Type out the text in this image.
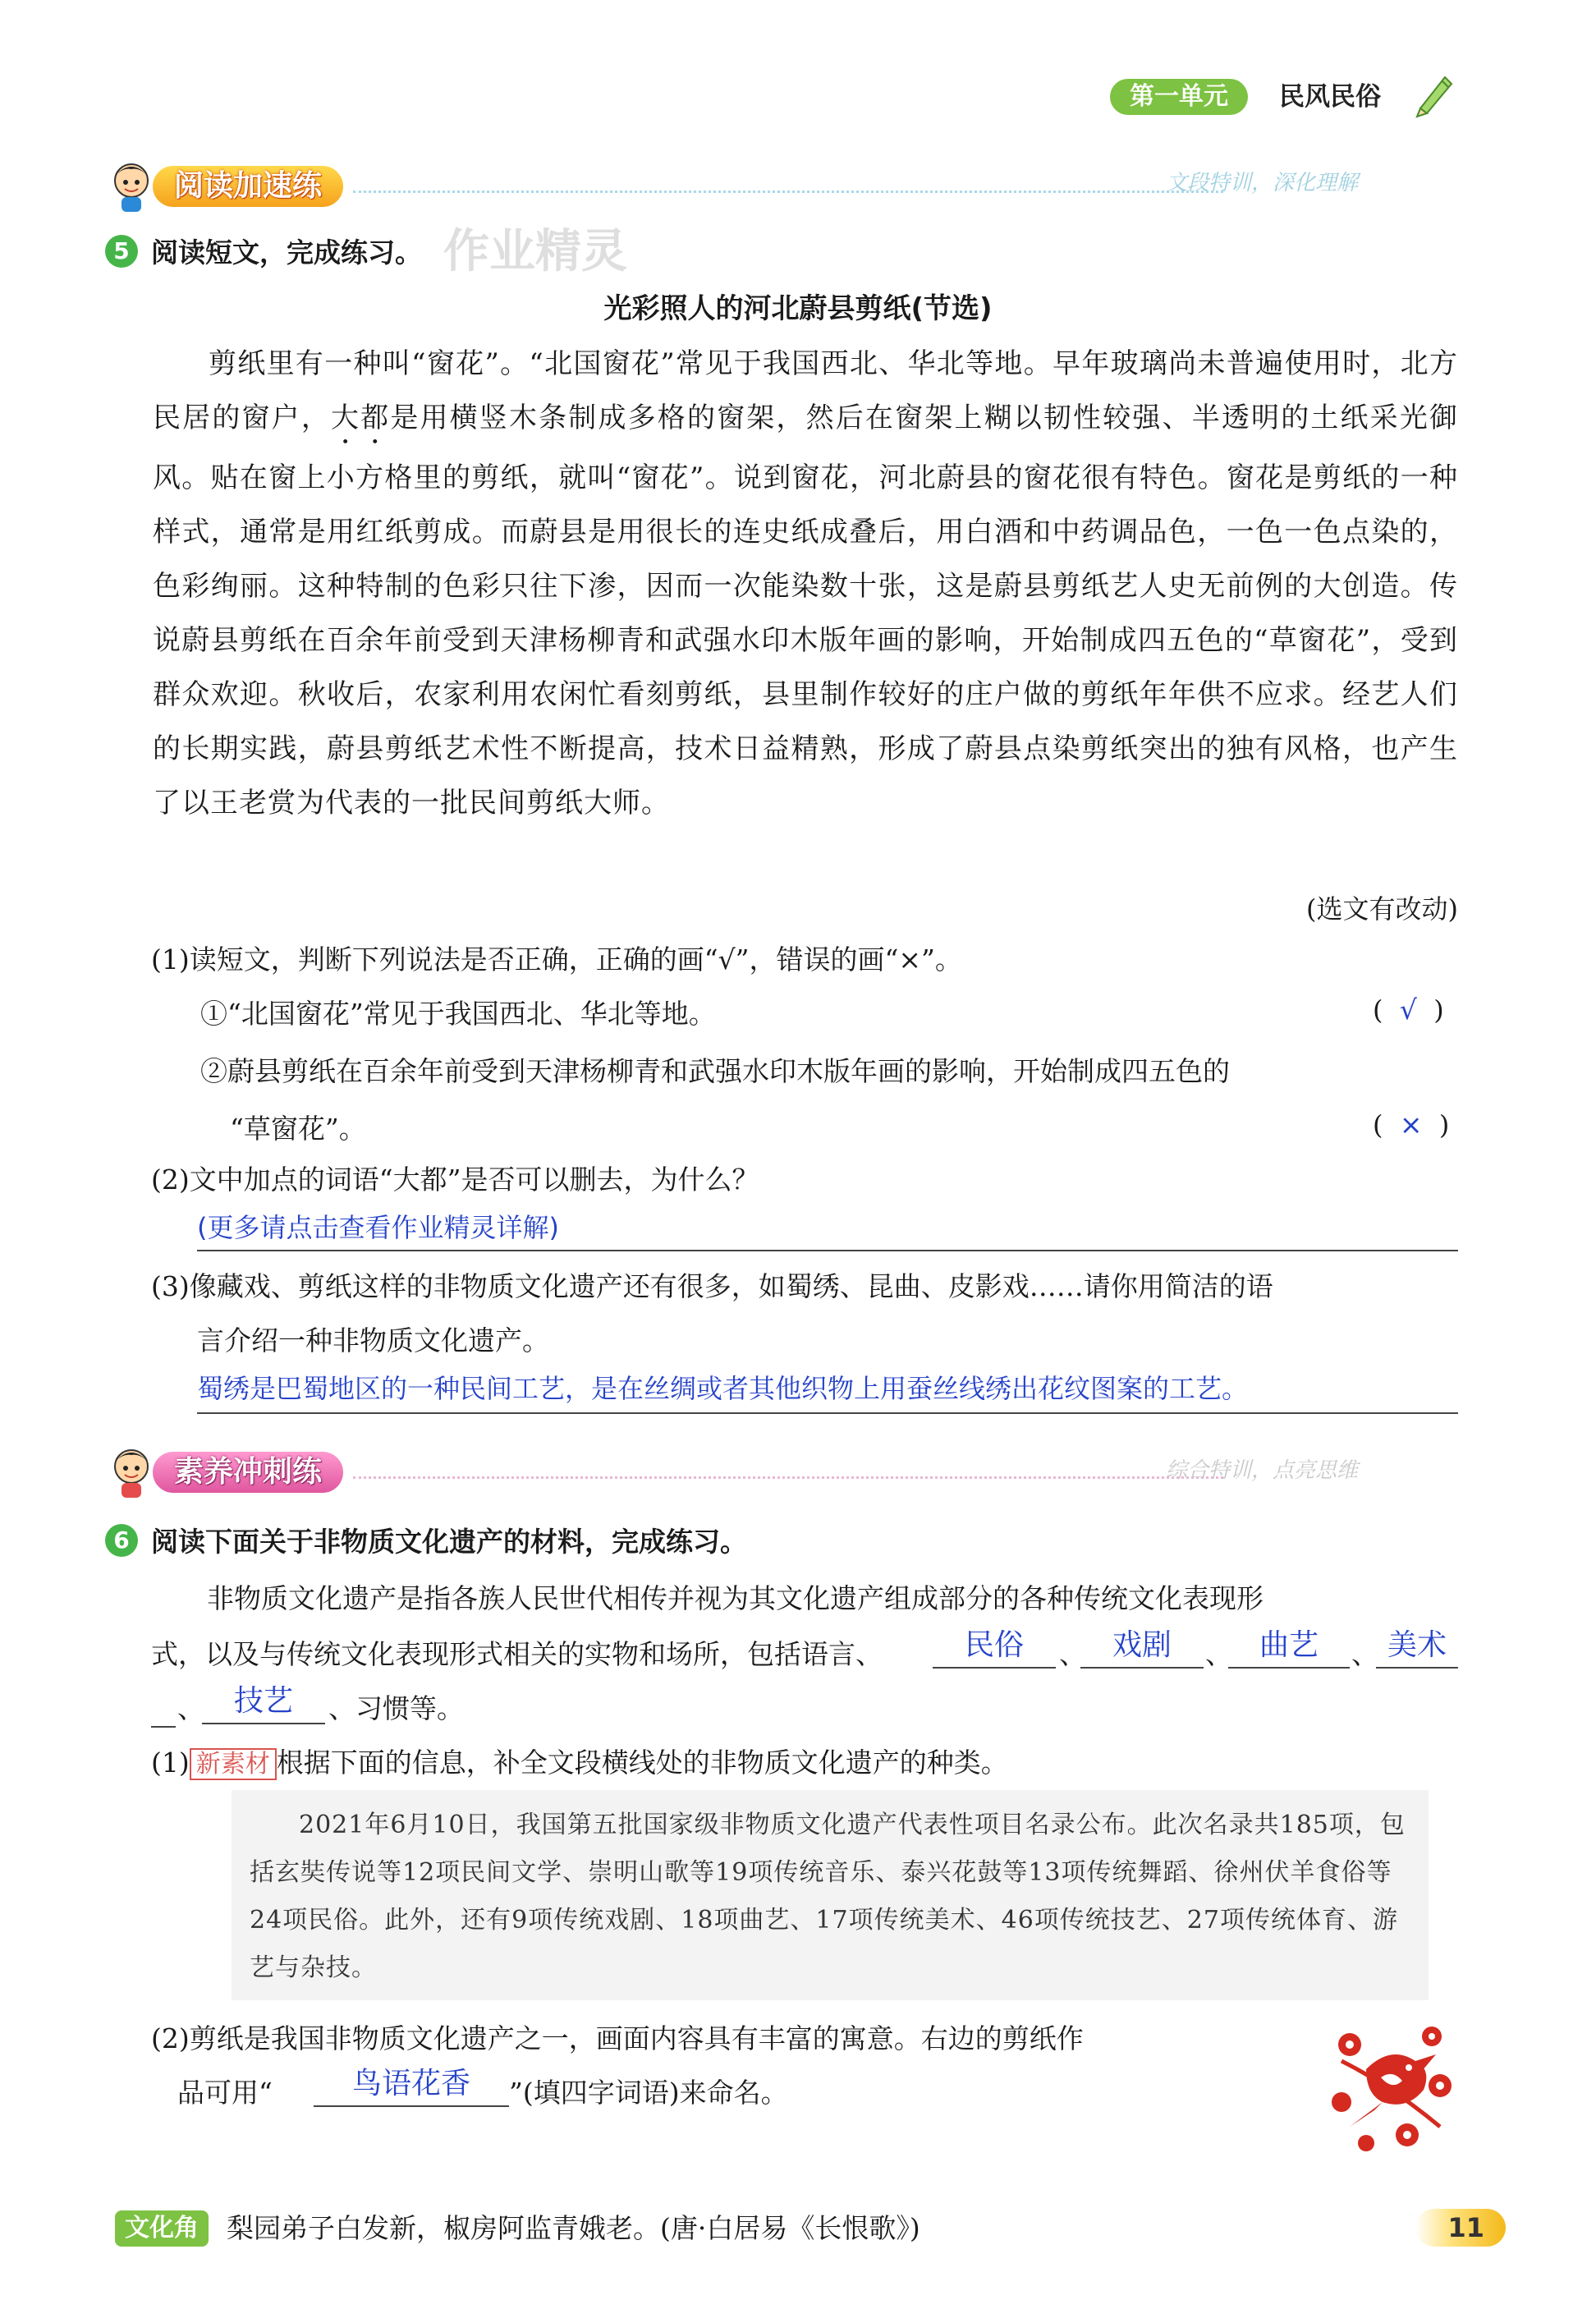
第一单元	民风民俗
阅读加速练	文段特训，深化理解
5 阅读短文，完成练习。 作业精灵
光彩照人的河北蔚县剪纸(节选)
剪纸里有一种叫“窗花”。“北国窗花”常见于我国西北、华北等地。早年玻璃尚未普遍使用时，北方民居的窗户，大都是用横竖木条制成多格的窗架，然后在窗架上糊以韧性较强、半透明的土纸采光御风。贴在窗上小方格里的剪纸，就叫“窗花”。说到窗花，河北蔚县的窗花很有特色。窗花是剪纸的一种样式，通常是用红纸剪成。而蔚县是用很长的连史纸成叠后，用白酒和中药调品色，一色一色点染的，色彩绚丽。这种特制的色彩只往下渗，因而一次能染数十张，这是蔚县剪纸艺人史无前例的大创造。传说蔚县剪纸在百余年前受到天津杨柳青和武强水印木版年画的影响，开始制成四五色的“草窗花”，受到群众欢迎。秋收后，农家利用农闲忙看刻剪纸，县里制作较好的庄户做的剪纸年年供不应求。经艺人们的长期实践，蔚县剪纸艺术性不断提高，技术日益精熟，形成了蔚县点染剪纸突出的独有风格，也产生了以王老赏为代表的一批民间剪纸大师。
(选文有改动)
(1)读短文，判断下列说法是否正确，正确的画“√”，错误的画“×”。
①“北国窗花”常见于我国西北、华北等地。	(  √  )
②蔚县剪纸在百余年前受到天津杨柳青和武强水印木版年画的影响，开始制成四五色的
“草窗花”。	(  ×  )
(2)文中加点的词语“大都”是否可以删去，为什么？
(更多请点击查看作业精灵详解)
(3)像藏戏、剪纸这样的非物质文化遗产还有很多，如蜀绣、昆曲、皮影戏……请你用简洁的语
言介绍一种非物质文化遗产。
蜀绣是巴蜀地区的一种民间工艺，是在丝绸或者其他织物上用蚕丝线绣出花纹图案的工艺。
素养冲刺练	综合特训，点亮思维
6 阅读下面关于非物质文化遗产的材料，完成练习。
非物质文化遗产是指各族人民世代相传并视为其文化遗产组成部分的各种传统文化表现形
式，以及与传统文化表现形式相关的实物和场所，包括语言、	民俗	、 戏剧	、 曲艺	、 美术
、 技艺	、习惯等。
(1) 新素材 根据下面的信息，补全文段横线处的非物质文化遗产的种类。
2021年6月10日，我国第五批国家级非物质文化遗产代表性项目名录公布。此次名录共185项，包括玄奘传说等12项民间文学、崇明山歌等19项传统音乐、泰兴花鼓等13项传统舞蹈、徐州伏羊食俗等24项民俗。此外，还有9项传统戏剧、18项曲艺、17项传统美术、46项传统技艺、27项传统体育、游艺与杂技。
(2)剪纸是我国非物质文化遗产之一，画面内容具有丰富的寓意。右边的剪纸作
品可用“	鸟语花香	”(填四字词语)来命名。
文化角	梨园弟子白发新，椒房阿监青娥老。(唐·白居易《长恨歌》)	11
